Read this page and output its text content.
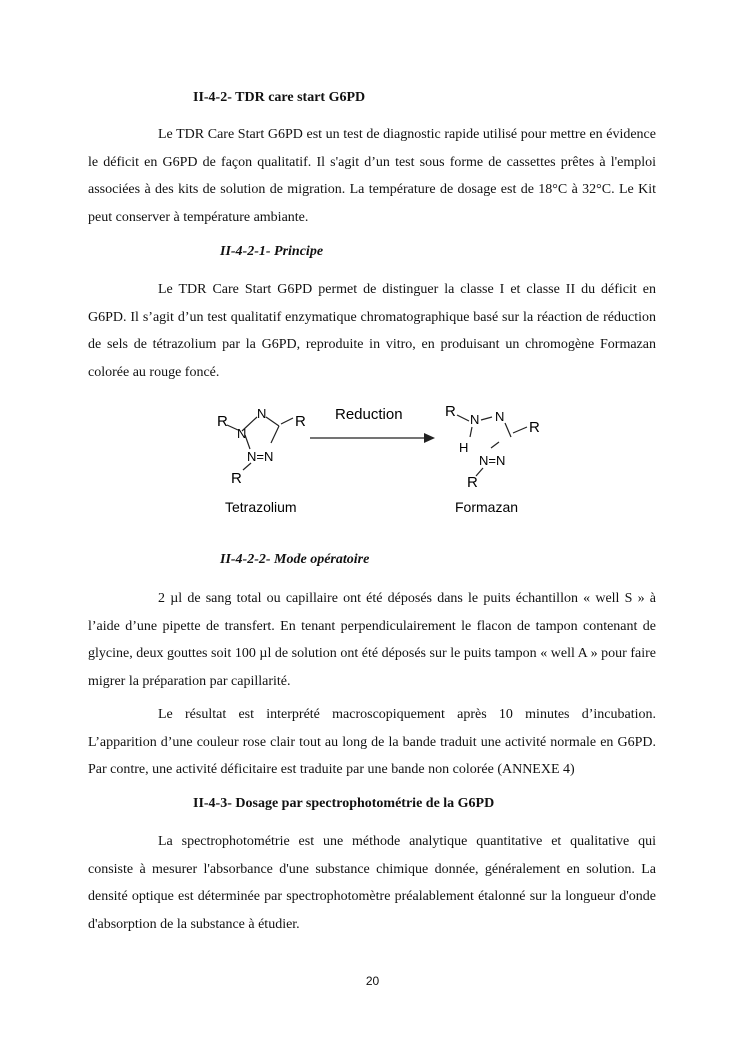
II-4-2- TDR care start G6PD

Le TDR Care Start G6PD est un test de diagnostic rapide utilisé pour mettre en évidence le déficit en G6PD de façon qualitatif. Il s'agit d’un test sous forme de cassettes prêtes à l'emploi associées à des kits de solution de migration. La température de dosage est de 18°C à 32°C. Le Kit peut conserver à température ambiante.

II-4-2-1- Principe

Le TDR Care Start G6PD permet de distinguer la classe I et classe II du déficit en G6PD. Il s’agit d’un test qualitatif enzymatique chromatographique basé sur la réaction de réduction de sels de tétrazolium par la G6PD, reproduite in vitro, en produisant un chromogène Formazan colorée au rouge foncé.

R
N
N R
N=N
R
Reduction	R N N
R
H
N=N
R
Tetrazolium	Formazan
II-4-2-2- Mode opératoire

2 µl de sang total ou capillaire ont été déposés dans le puits échantillon « well S » à l’aide d’une pipette de transfert. En tenant perpendiculairement le flacon de tampon contenant de glycine, deux gouttes soit 100 µl de solution ont été déposés sur le puits tampon « well A » pour faire migrer la préparation par capillarité.

Le résultat est interprété macroscopiquement après 10 minutes d’incubation. L’apparition d’une couleur rose clair tout au long de la bande traduit une activité normale en G6PD. Par contre, une activité déficitaire est traduite par une bande non colorée (ANNEXE 4)

II-4-3- Dosage par spectrophotométrie de la G6PD

La spectrophotométrie est une méthode analytique quantitative et qualitative qui consiste à mesurer l'absorbance d'une substance chimique donnée, généralement en solution. La densité optique est déterminée par spectrophotomètre préalablement étalonné sur la longueur d'onde d'absorption de la substance à étudier.

20
